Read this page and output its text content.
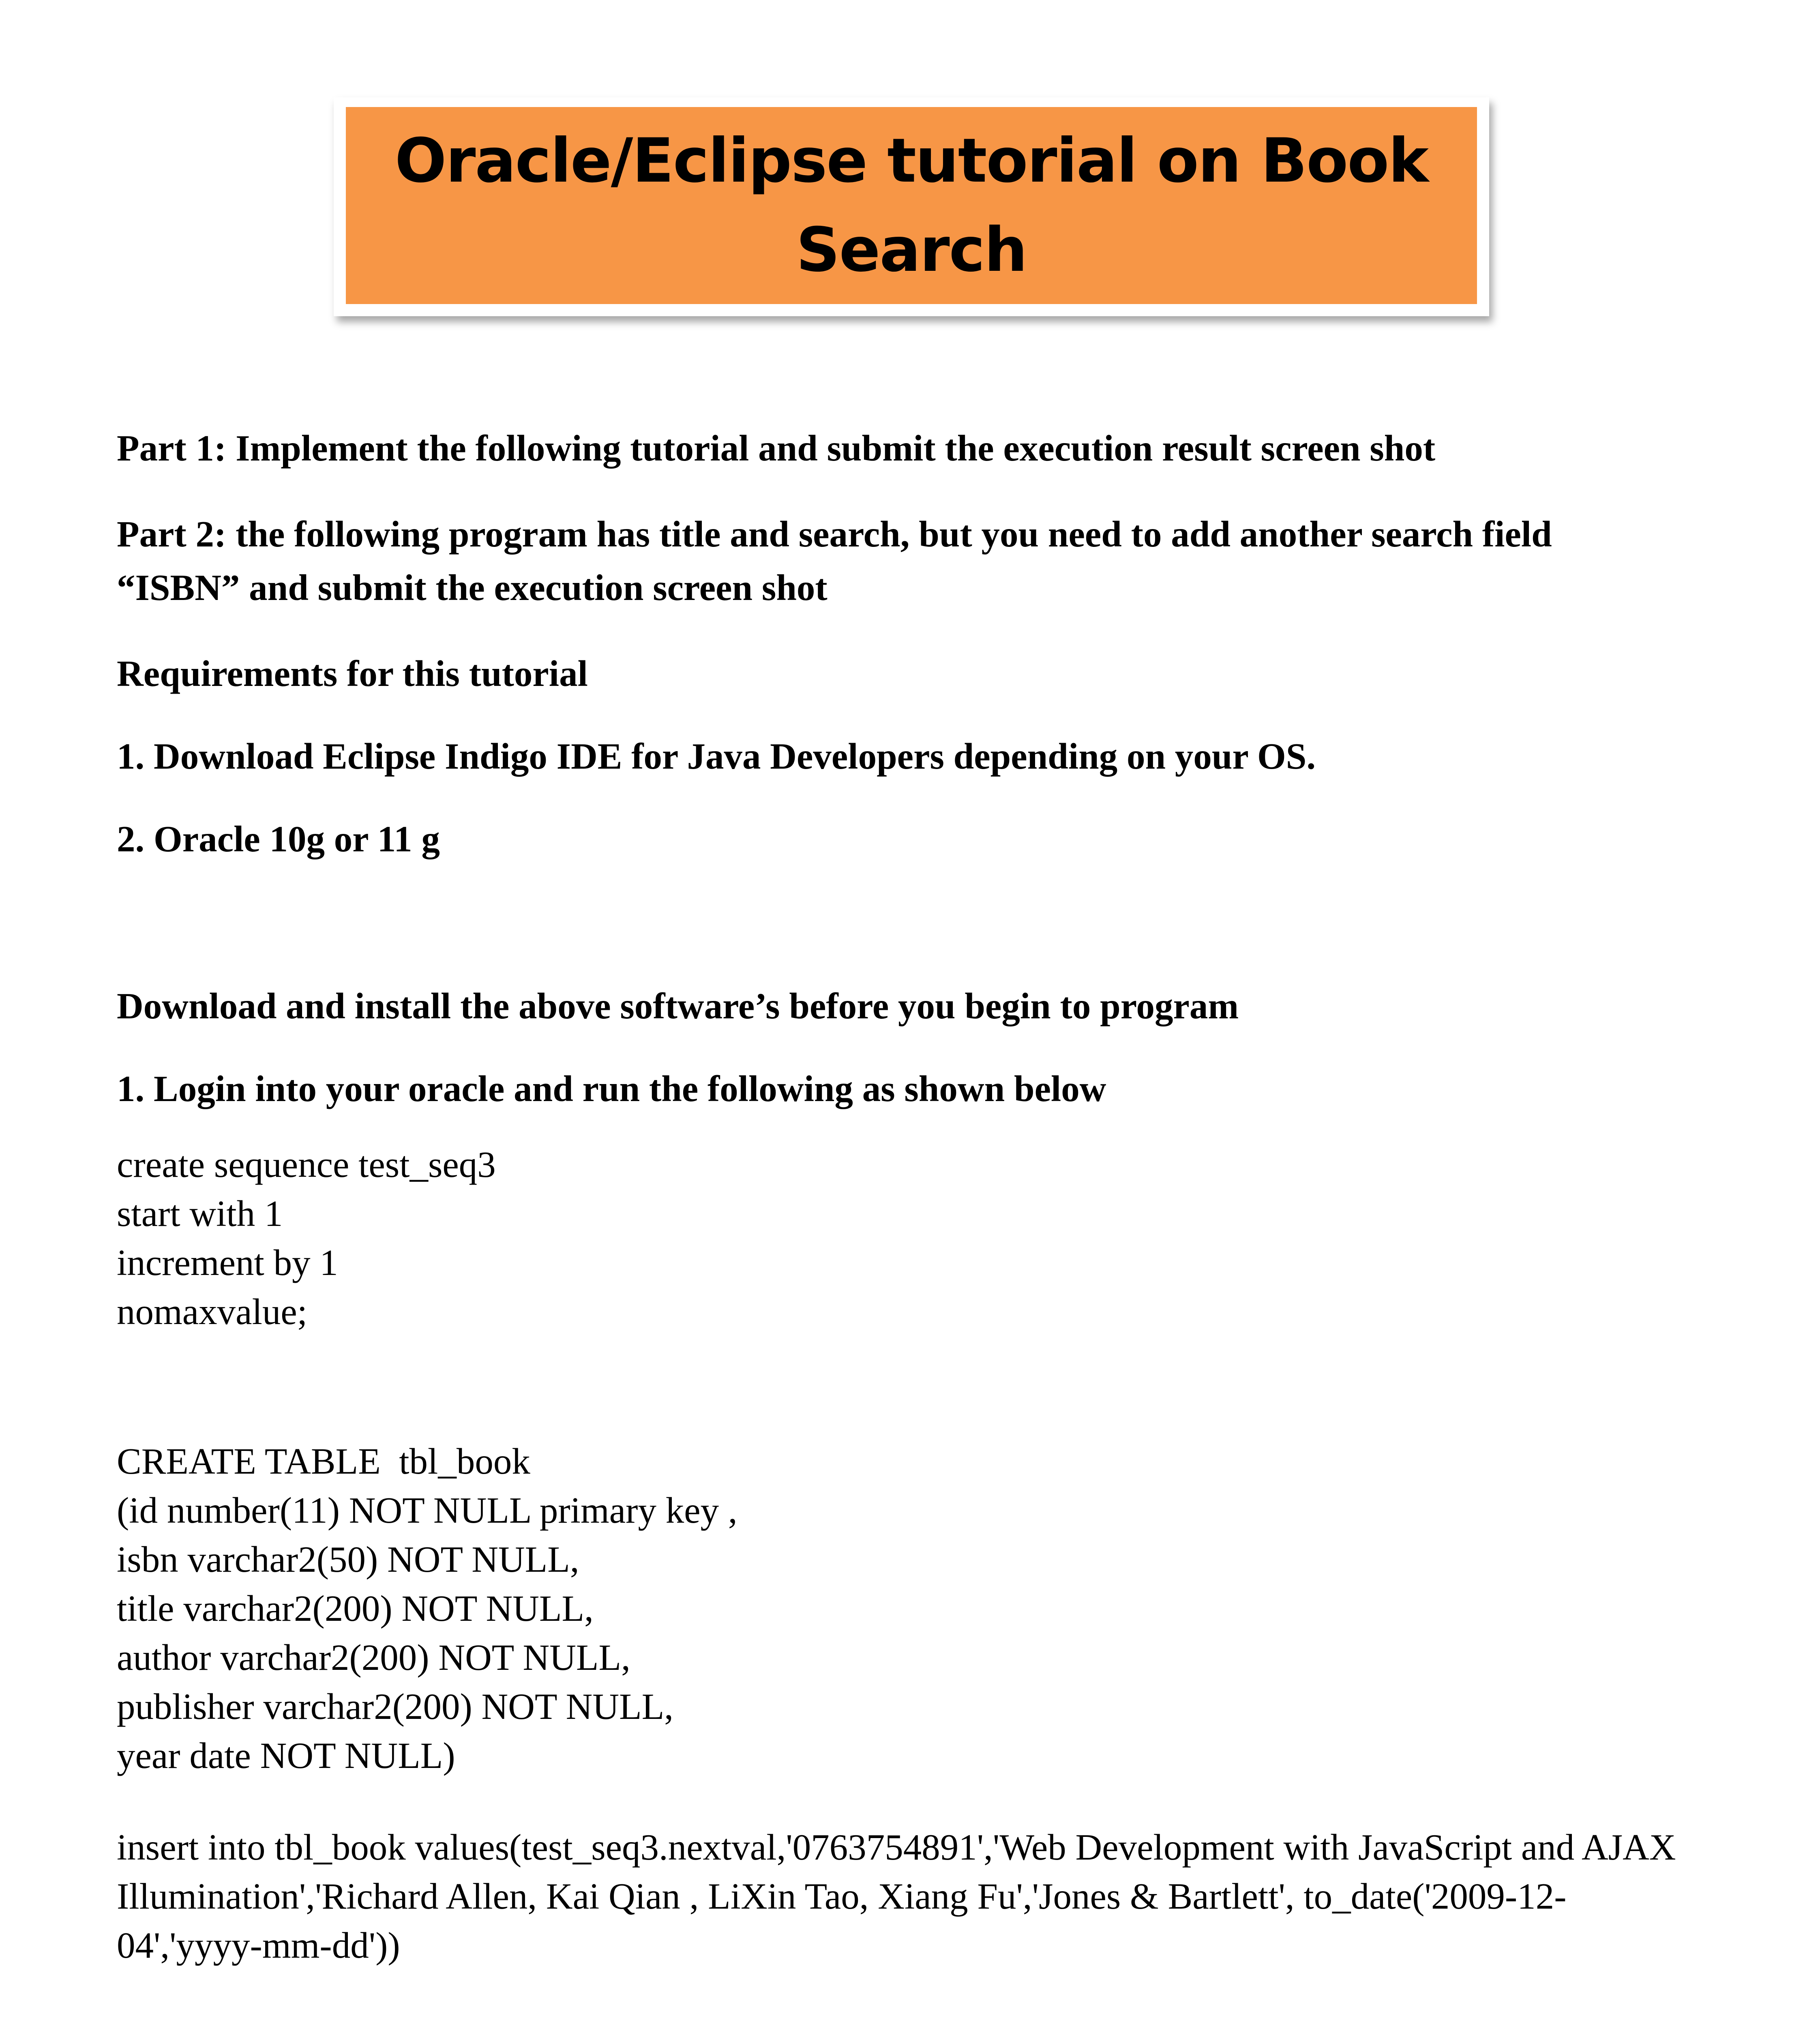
Oracle/Eclipse tutorial on Book Search

Part 1: Implement the following tutorial and submit the execution result screen shot

Part 2: the following program has title and search, but you need to add another search field

“ISBN” and submit the execution screen shot

Requirements for this tutorial

1. Download Eclipse Indigo IDE for Java Developers depending on your OS.

2. Oracle 10g or 11 g

Download and install the above software’s before you begin to program

1. Login into your oracle and run the following as shown below

create sequence test_seq3

start with 1

increment by 1

nomaxvalue;

CREATE TABLE  tbl_book

(id number(11) NOT NULL primary key ,

isbn varchar2(50) NOT NULL,

title varchar2(200) NOT NULL,

author varchar2(200) NOT NULL,

publisher varchar2(200) NOT NULL,

year date NOT NULL)

insert into tbl_book values(test_seq3.nextval,'0763754891','Web Development with JavaScript and AJAX

Illumination','Richard Allen, Kai Qian , LiXin Tao, Xiang Fu','Jones & Bartlett', to_date('2009-12-

04','yyyy-mm-dd'))
